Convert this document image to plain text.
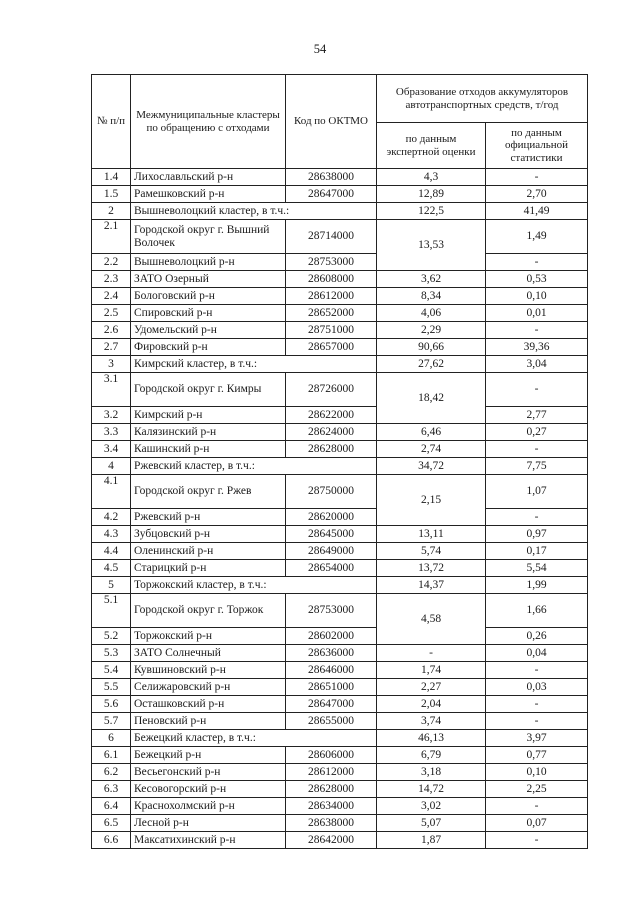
54
№ п/п	Межмуниципальные кластеры по обращению с отходами	Код по ОКТМО	Образование отходов аккумуляторов автотранспортных средств, т/год	
			по данным экспертной оценки	по данным официальной статистики
1.4	Лихославльский р-н	28638000	4,3	-
1.5	Рамешковский р-н	28647000	12,89	2,70
2	Вышневолоцкий кластер, в т.ч.:		122,5	41,49
2.1	Городской округ г. Вышний Волочек	28714000	13,53	1,49
2.2	Вышневолоцкий р-н	28753000		-
2.3	ЗАТО Озерный	28608000	3,62	0,53
2.4	Бологовский р-н	28612000	8,34	0,10
2.5	Спировский р-н	28652000	4,06	0,01
2.6	Удомельский р-н	28751000	2,29	-
2.7	Фировский р-н	28657000	90,66	39,36
3	Кимрский кластер, в т.ч.:		27,62	3,04
3.1	Городской округ г. Кимры	28726000	18,42	-
3.2	Кимрский р-н	28622000		2,77
3.3	Калязинский р-н	28624000	6,46	0,27
3.4	Кашинский р-н	28628000	2,74	-
4	Ржевский кластер, в т.ч.:		34,72	7,75
4.1	Городской округ г. Ржев	28750000	2,15	1,07
4.2	Ржевский р-н	28620000		-
4.3	Зубцовский р-н	28645000	13,11	0,97
4.4	Оленинский р-н	28649000	5,74	0,17
4.5	Старицкий р-н	28654000	13,72	5,54
5	Торжокский кластер, в т.ч.:		14,37	1,99
5.1	Городской округ г. Торжок	28753000	4,58	1,66
5.2	Торжокский р-н	28602000		0,26
5.3	ЗАТО Солнечный	28636000	-	0,04
5.4	Кувшиновский р-н	28646000	1,74	-
5.5	Селижаровский р-н	28651000	2,27	0,03
5.6	Осташковский р-н	28647000	2,04	-
5.7	Пеновский р-н	28655000	3,74	-
6	Бежецкий кластер, в т.ч.:		46,13	3,97
6.1	Бежецкий р-н	28606000	6,79	0,77
6.2	Весьегонский р-н	28612000	3,18	0,10
6.3	Кесовогорский р-н	28628000	14,72	2,25
6.4	Краснохолмский р-н	28634000	3,02	-
6.5	Лесной р-н	28638000	5,07	0,07
6.6	Максатихинский р-н	28642000	1,87	-
